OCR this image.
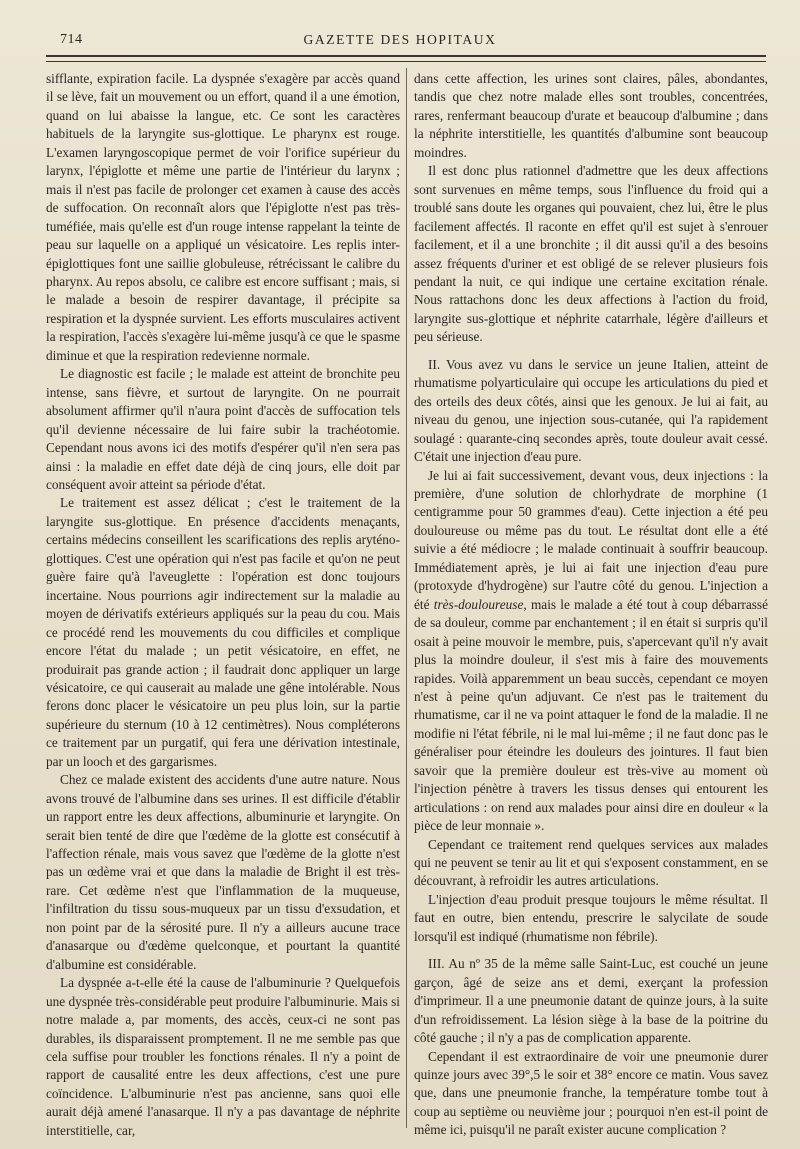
714	GAZETTE DES HOPITAUX

sifflante, expiration facile. La dyspnée s'exagère par accès quand il se lève, fait un mouvement ou un effort, quand il a une émotion, quand on lui abaisse la langue, etc. Ce sont les caractères habituels de la laryngite sus-glottique. Le pharynx est rouge. L'examen laryngoscopique permet de voir l'orifice supérieur du larynx, l'épiglotte et même une partie de l'intérieur du larynx ; mais il n'est pas facile de prolonger cet examen à cause des accès de suffocation. On reconnaît alors que l'épiglotte n'est pas très-tuméfiée, mais qu'elle est d'un rouge intense rappelant la teinte de peau sur laquelle on a appliqué un vésicatoire. Les replis inter-épiglottiques font une saillie globuleuse, rétrécissant le calibre du pharynx. Au repos absolu, ce calibre est encore suffisant ; mais, si le malade a besoin de respirer davantage, il précipite sa respiration et la dyspnée survient. Les efforts musculaires activent la respiration, l'accès s'exagère lui-même jusqu'à ce que le spasme diminue et que la respiration redevienne normale.

Le diagnostic est facile ; le malade est atteint de bronchite peu intense, sans fièvre, et surtout de laryngite. On ne pourrait absolument affirmer qu'il n'aura point d'accès de suffocation tels qu'il devienne nécessaire de lui faire subir la trachéotomie. Cependant nous avons ici des motifs d'espérer qu'il n'en sera pas ainsi : la maladie en effet date déjà de cinq jours, elle doit par conséquent avoir atteint sa période d'état.

Le traitement est assez délicat ; c'est le traitement de la laryngite sus-glottique. En présence d'accidents menaçants, certains médecins conseillent les scarifications des replis aryténo-glottiques. C'est une opération qui n'est pas facile et qu'on ne peut guère faire qu'à l'aveuglette : l'opération est donc toujours incertaine. Nous pourrions agir indirectement sur la maladie au moyen de dérivatifs extérieurs appliqués sur la peau du cou. Mais ce procédé rend les mouvements du cou difficiles et complique encore l'état du malade ; un petit vésicatoire, en effet, ne produirait pas grande action ; il faudrait donc appliquer un large vésicatoire, ce qui causerait au malade une gêne intolérable. Nous ferons donc placer le vésicatoire un peu plus loin, sur la partie supérieure du sternum (10 à 12 centimètres). Nous compléterons ce traitement par un purgatif, qui fera une dérivation intestinale, par un looch et des gargarismes.

Chez ce malade existent des accidents d'une autre nature. Nous avons trouvé de l'albumine dans ses urines. Il est difficile d'établir un rapport entre les deux affections, albuminurie et laryngite. On serait bien tenté de dire que l'œdème de la glotte est consécutif à l'affection rénale, mais vous savez que l'œdème de la glotte n'est pas un œdème vrai et que dans la maladie de Bright il est très-rare. Cet œdème n'est que l'inflammation de la muqueuse, l'infiltration du tissu sous-muqueux par un tissu d'exsudation, et non point par de la sérosité pure. Il n'y a ailleurs aucune trace d'anasarque ou d'œdème quelconque, et pourtant la quantité d'albumine est considérable.

La dyspnée a-t-elle été la cause de l'albuminurie ? Quelquefois une dyspnée très-considérable peut produire l'albuminurie. Mais si notre malade a, par moments, des accès, ceux-ci ne sont pas durables, ils disparaissent promptement. Il ne me semble pas que cela suffise pour troubler les fonctions rénales. Il n'y a point de rapport de causalité entre les deux affections, c'est une pure coïncidence. L'albuminurie n'est pas ancienne, sans quoi elle aurait déjà amené l'anasarque. Il n'y a pas davantage de néphrite interstitielle, car,

dans cette affection, les urines sont claires, pâles, abondantes, tandis que chez notre malade elles sont troubles, concentrées, rares, renfermant beaucoup d'urate et beaucoup d'albumine ; dans la néphrite interstitielle, les quantités d'albumine sont beaucoup moindres.

Il est donc plus rationnel d'admettre que les deux affections sont survenues en même temps, sous l'influence du froid qui a troublé sans doute les organes qui pouvaient, chez lui, être le plus facilement affectés. Il raconte en effet qu'il est sujet à s'enrouer facilement, et il a une bronchite ; il dit aussi qu'il a des besoins assez fréquents d'uriner et est obligé de se relever plusieurs fois pendant la nuit, ce qui indique une certaine excitation rénale. Nous rattachons donc les deux affections à l'action du froid, laryngite sus-glottique et néphrite catarrhale, légère d'ailleurs et peu sérieuse.

II. Vous avez vu dans le service un jeune Italien, atteint de rhumatisme polyarticulaire qui occupe les articulations du pied et des orteils des deux côtés, ainsi que les genoux. Je lui ai fait, au niveau du genou, une injection sous-cutanée, qui l'a rapidement soulagé : quarante-cinq secondes après, toute douleur avait cessé. C'était une injection d'eau pure.

Je lui ai fait successivement, devant vous, deux injections : la première, d'une solution de chlorhydrate de morphine (1 centigramme pour 50 grammes d'eau). Cette injection a été peu douloureuse ou même pas du tout. Le résultat dont elle a été suivie a été médiocre ; le malade continuait à souffrir beaucoup. Immédiatement après, je lui ai fait une injection d'eau pure (protoxyde d'hydrogène) sur l'autre côté du genou. L'injection a été très-douloureuse, mais le malade a été tout à coup débarrassé de sa douleur, comme par enchantement ; il en était si surpris qu'il osait à peine mouvoir le membre, puis, s'apercevant qu'il n'y avait plus la moindre douleur, il s'est mis à faire des mouvements rapides. Voilà apparemment un beau succès, cependant ce moyen n'est à peine qu'un adjuvant. Ce n'est pas le traitement du rhumatisme, car il ne va point attaquer le fond de la maladie. Il ne modifie ni l'état fébrile, ni le mal lui-même ; il ne faut donc pas le généraliser pour éteindre les douleurs des jointures. Il faut bien savoir que la première douleur est très-vive au moment où l'injection pénètre à travers les tissus denses qui entourent les articulations : on rend aux malades pour ainsi dire en douleur « la pièce de leur monnaie ».

Cependant ce traitement rend quelques services aux malades qui ne peuvent se tenir au lit et qui s'exposent constamment, en se découvrant, à refroidir les autres articulations.

L'injection d'eau produit presque toujours le même résultat. Il faut en outre, bien entendu, prescrire le salycilate de soude lorsqu'il est indiqué (rhumatisme non fébrile).

III. Au nº 35 de la même salle Saint-Luc, est couché un jeune garçon, âgé de seize ans et demi, exerçant la profession d'imprimeur. Il a une pneumonie datant de quinze jours, à la suite d'un refroidissement. La lésion siège à la base de la poitrine du côté gauche ; il n'y a pas de complication apparente.

Cependant il est extraordinaire de voir une pneumonie durer quinze jours avec 39°,5 le soir et 38° encore ce matin. Vous savez que, dans une pneumonie franche, la température tombe tout à coup au septième ou neuvième jour ; pourquoi n'en est-il point de même ici, puisqu'il ne paraît exister aucune complication ?
